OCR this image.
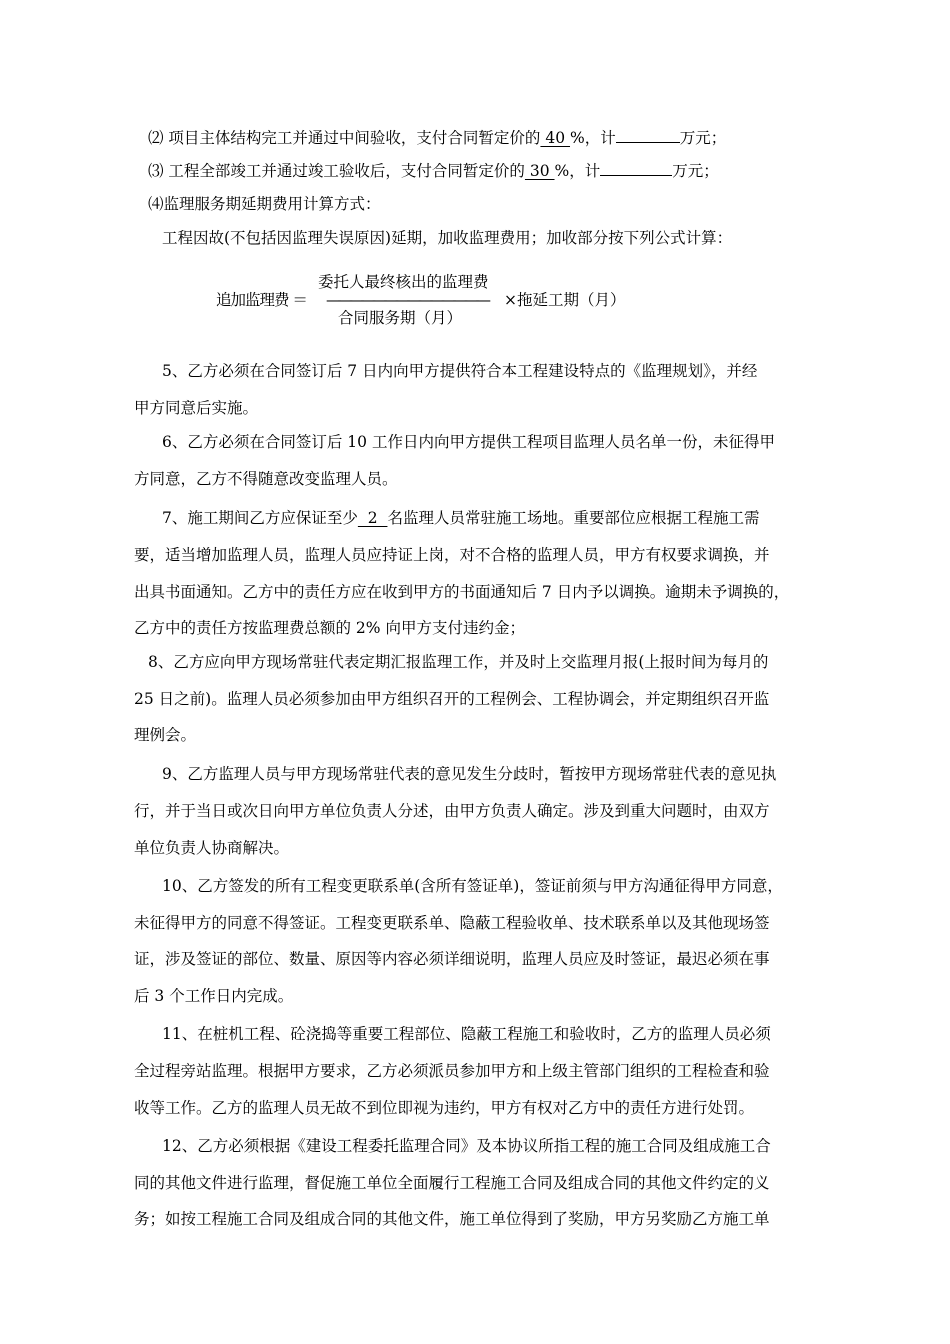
⑵ 项目主体结构完工并通过中间验收，支付合同暂定价的 40 %，计	万元；
⑶ 工程全部竣工并通过竣工验收后，支付合同暂定价的 30 %，计	万元；
⑷监理服务期延期费用计算方式：
工程因故(不包括因监理失误原因)延期，加收监理费用；加收部分按下列公式计算：
追加监理费 ＝
委托人最终核出的监理费
——————————————
合同服务期（月）
×拖延工期（月）
5、乙方必须在合同签订后 7 日内向甲方提供符合本工程建设特点的《监理规划》，并经
甲方同意后实施。
6、乙方必须在合同签订后 10 工作日内向甲方提供工程项目监理人员名单一份，未征得甲
方同意，乙方不得随意改变监理人员。
7、施工期间乙方应保证至少  2  名监理人员常驻施工场地。重要部位应根据工程施工需
要，适当增加监理人员，监理人员应持证上岗，对不合格的监理人员，甲方有权要求调换，并
出具书面通知。乙方中的责任方应在收到甲方的书面通知后 7 日内予以调换。逾期未予调换的，
乙方中的责任方按监理费总额的 2% 向甲方支付违约金；
8、乙方应向甲方现场常驻代表定期汇报监理工作，并及时上交监理月报(上报时间为每月的
25 日之前)。监理人员必须参加由甲方组织召开的工程例会、工程协调会，并定期组织召开监
理例会。
9、乙方监理人员与甲方现场常驻代表的意见发生分歧时，暂按甲方现场常驻代表的意见执
行，并于当日或次日向甲方单位负责人分述，由甲方负责人确定。涉及到重大问题时，由双方
单位负责人协商解决。
10、乙方签发的所有工程变更联系单(含所有签证单)，签证前须与甲方沟通征得甲方同意，
未征得甲方的同意不得签证。工程变更联系单、隐蔽工程验收单、技术联系单以及其他现场签
证，涉及签证的部位、数量、原因等内容必须详细说明，监理人员应及时签证，最迟必须在事
后 3 个工作日内完成。
11、在桩机工程、砼浇捣等重要工程部位、隐蔽工程施工和验收时，乙方的监理人员必须
全过程旁站监理。根据甲方要求，乙方必须派员参加甲方和上级主管部门组织的工程检查和验
收等工作。乙方的监理人员无故不到位即视为违约，甲方有权对乙方中的责任方进行处罚。
12、乙方必须根据《建设工程委托监理合同》及本协议所指工程的施工合同及组成施工合
同的其他文件进行监理，督促施工单位全面履行工程施工合同及组成合同的其他文件约定的义
务；如按工程施工合同及组成合同的其他文件，施工单位得到了奖励，甲方另奖励乙方施工单
